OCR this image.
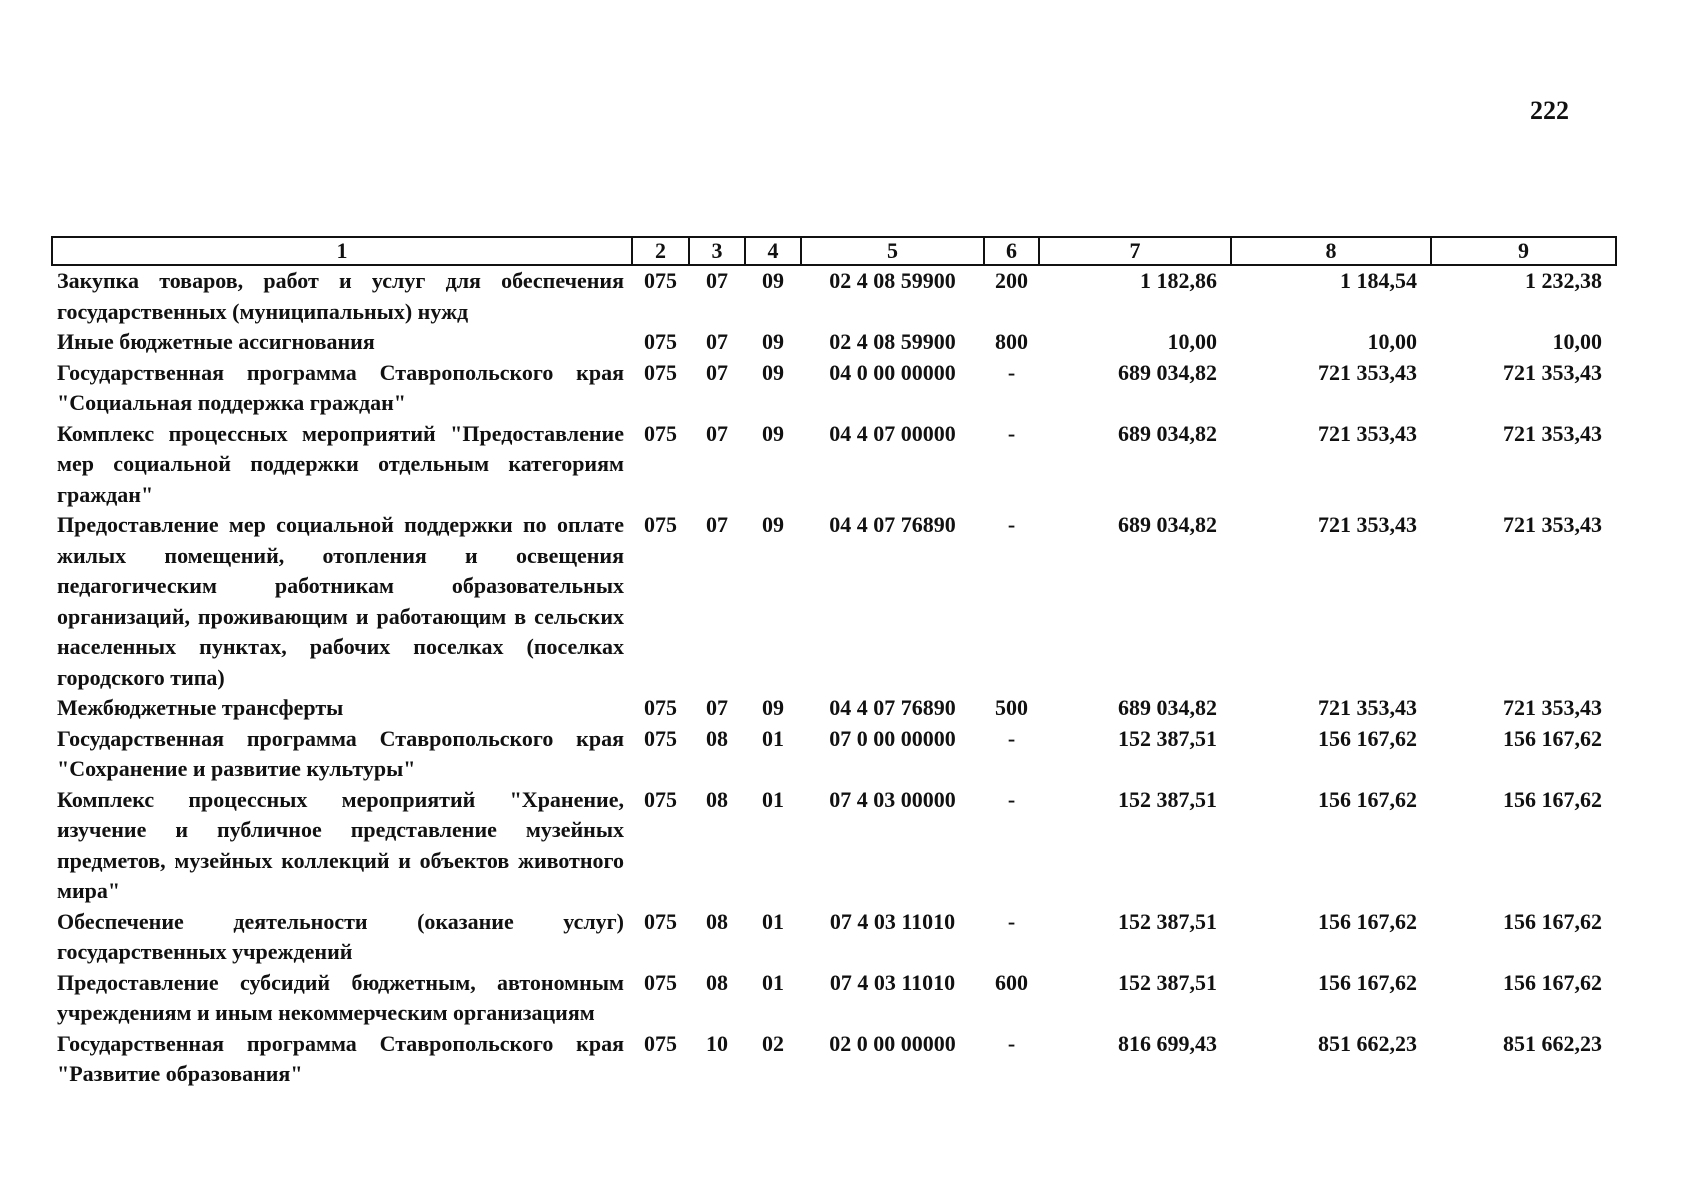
222
1	2	3	4	5	6	7	8	9
Закупка товаров, работ и услуг для обеспечения государственных (муниципальных) нужд	075	07	09	02 4 08 59900	200	1 182,86	1 184,54	1 232,38
Иные бюджетные ассигнования	075	07	09	02 4 08 59900	800	10,00	10,00	10,00
Государственная программа Ставропольского края "Социальная поддержка граждан"	075	07	09	04 0 00 00000	-	689 034,82	721 353,43	721 353,43
Комплекс процессных мероприятий "Предоставление мер социальной поддержки отдельным категориям граждан"	075	07	09	04 4 07 00000	-	689 034,82	721 353,43	721 353,43
Предоставление мер социальной поддержки по оплате жилых помещений, отопления и освещения педагогическим работникам образовательных организаций, проживающим и работающим в сельских населенных пунктах, рабочих поселках (поселках городского типа)	075	07	09	04 4 07 76890	-	689 034,82	721 353,43	721 353,43
Межбюджетные трансферты	075	07	09	04 4 07 76890	500	689 034,82	721 353,43	721 353,43
Государственная программа Ставропольского края "Сохранение и развитие культуры"	075	08	01	07 0 00 00000	-	152 387,51	156 167,62	156 167,62
Комплекс процессных мероприятий "Хранение, изучение и публичное представление музейных предметов, музейных коллекций и объектов животного мира"	075	08	01	07 4 03 00000	-	152 387,51	156 167,62	156 167,62
Обеспечение деятельности (оказание услуг) государственных учреждений	075	08	01	07 4 03 11010	-	152 387,51	156 167,62	156 167,62
Предоставление субсидий бюджетным, автономным учреждениям и иным некоммерческим организациям	075	08	01	07 4 03 11010	600	152 387,51	156 167,62	156 167,62
Государственная программа Ставропольского края "Развитие образования"	075	10	02	02 0 00 00000	-	816 699,43	851 662,23	851 662,23
